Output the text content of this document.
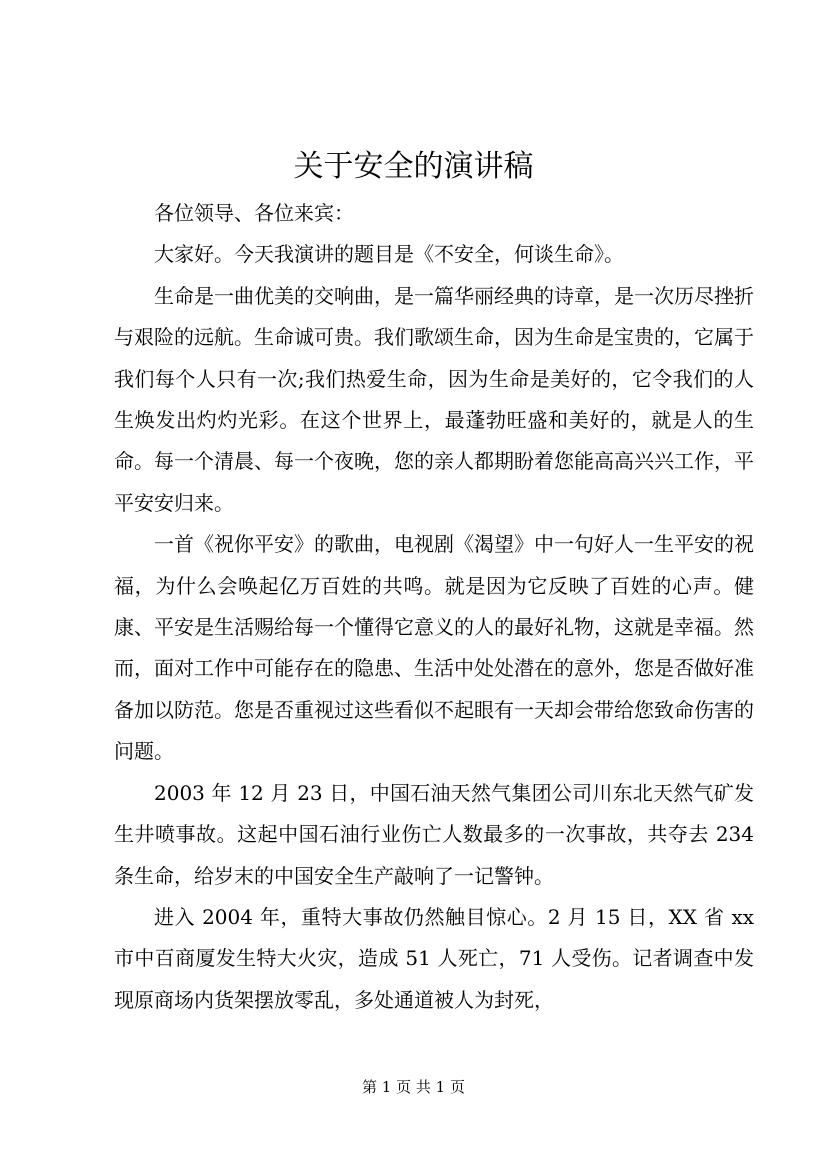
关于安全的演讲稿

各位领导、各位来宾：

大家好。今天我演讲的题目是《不安全，何谈生命》。

生命是一曲优美的交响曲，是一篇华丽经典的诗章，是一次历尽挫折与艰险的远航。生命诚可贵。我们歌颂生命，因为生命是宝贵的，它属于我们每个人只有一次;我们热爱生命，因为生命是美好的，它令我们的人生焕发出灼灼光彩。在这个世界上，最蓬勃旺盛和美好的，就是人的生命。每一个清晨、每一个夜晚，您的亲人都期盼着您能高高兴兴工作，平平安安归来。

一首《祝你平安》的歌曲，电视剧《渴望》中一句好人一生平安的祝福，为什么会唤起亿万百姓的共鸣。就是因为它反映了百姓的心声。健康、平安是生活赐给每一个懂得它意义的人的最好礼物，这就是幸福。然而，面对工作中可能存在的隐患、生活中处处潜在的意外，您是否做好准备加以防范。您是否重视过这些看似不起眼有一天却会带给您致命伤害的问题。

2003 年 12 月 23 日，中国石油天然气集团公司川东北天然气矿发生井喷事故。这起中国石油行业伤亡人数最多的一次事故，共夺去 234 条生命，给岁末的中国安全生产敲响了一记警钟。

进入 2004 年，重特大事故仍然触目惊心。2 月 15 日，XX 省 xx 市中百商厦发生特大火灾，造成 51 人死亡，71 人受伤。记者调查中发现原商场内货架摆放零乱，多处通道被人为封死，

第 1 页 共 1 页
